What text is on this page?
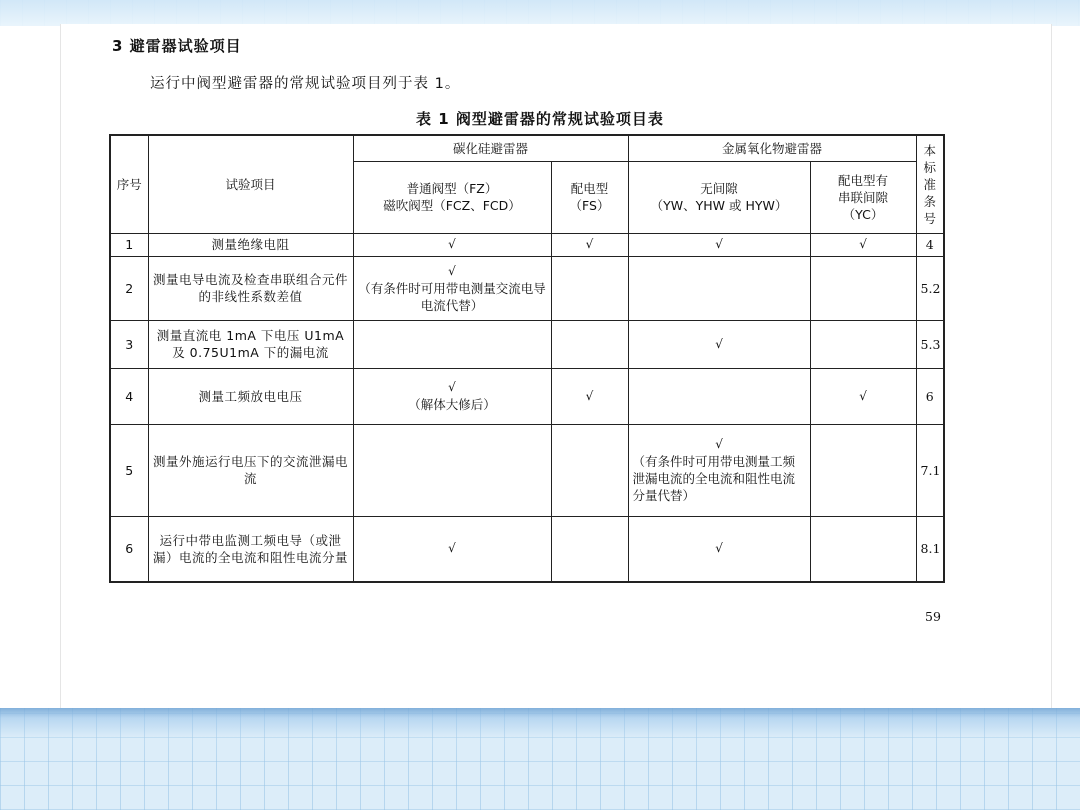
3 避雷器试验项目
运行中阀型避雷器的常规试验项目列于表 1。
表 1 阀型避雷器的常规试验项目表
序号	试验项目	碳化硅避雷器		金属氧化物避雷器		本标准条号

		普通阀型（FZ）
磁吹阀型（FCZ、FCD）	配电型
（FS）	无间隙
（YW、YHW 或 HYW）	配电型有
串联间隙
（YC）	

1	测量绝缘电阻	√	√	√	√	4
2	测量电导电流及检查串联组合元件的非线性系数差值	√
（有条件时可用带电测量交流电导电流代替）				5.2
3	测量直流电 1mA 下电压 U1mA 及 0.75U1mA 下的漏电流			√		5.3
4	测量工频放电电压	√
（解体大修后）	√		√	6
5	测量外施运行电压下的交流泄漏电流			√
（有条件时可用带电测量工频泄漏电流的全电流和阻性电流分量代替）		7.1
6	运行中带电监测工频电导（或泄漏）电流的全电流和阻性电流分量	√		√		8.1
59
